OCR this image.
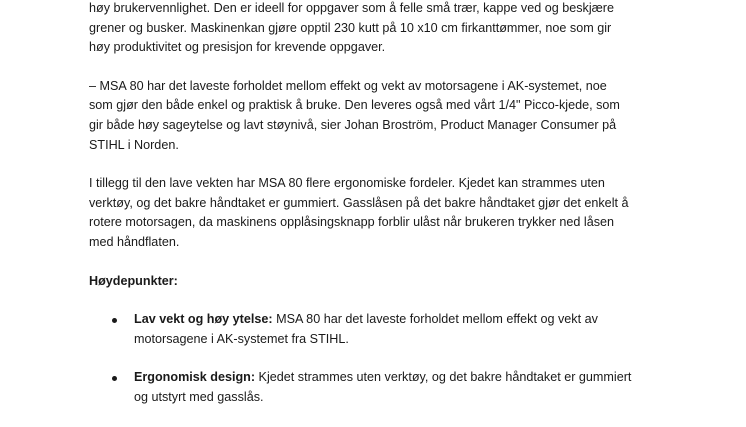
høy brukervennlighet. Den er ideell for oppgaver som å felle små trær, kappe ved og beskjære
grener og busker. Maskinenkan gjøre opptil 230 kutt på 10 x10 cm firkanttømmer, noe som gir
høy produktivitet og presisjon for krevende oppgaver.

– MSA 80 har det laveste forholdet mellom effekt og vekt av motorsagene i AK-systemet, noe
som gjør den både enkel og praktisk å bruke. Den leveres også med vårt 1/4" Picco-kjede, som
gir både høy sageytelse og lavt støynivå, sier Johan Broström, Product Manager Consumer på
STIHL i Norden.

I tillegg til den lave vekten har MSA 80 flere ergonomiske fordeler. Kjedet kan strammes uten
verktøy, og det bakre håndtaket er gummiert. Gasslåsen på det bakre håndtaket gjør det enkelt å
rotere motorsagen, da maskinens opplåsingsknapp forblir ulåst når brukeren trykker ned låsen
med håndflaten.

Høydepunkter:

Lav vekt og høy ytelse: MSA 80 har det laveste forholdet mellom effekt og vekt av
motorsagene i AK-systemet fra STIHL.
Ergonomisk design: Kjedet strammes uten verktøy, og det bakre håndtaket er gummiert
og utstyrt med gasslås.
